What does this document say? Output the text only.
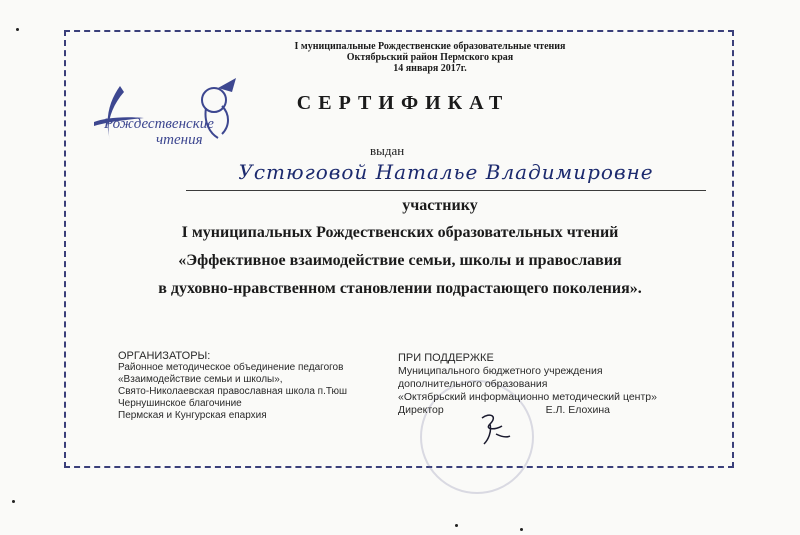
I муниципальные Рождественские образовательные чтения
Октябрьский район Пермского края
14 января 2017г.
Рождественские
чтения
СЕРТИФИКАТ
выдан
Устюговой Наталье Владимировне
участнику
I муниципальных Рождественских образовательных чтений
«Эффективное взаимодействие семьи, школы и православия
в духовно-нравственном становлении подрастающего поколения».
ОРГАНИЗАТОРЫ:
Районное методическое объединение педагогов
«Взаимодействие семьи и школы»,
Свято-Николаевская православная школа п.Тюш
Чернушинское благочиние
Пермская и Кунгурская епархия
ПРИ ПОДДЕРЖКЕ
Муниципального бюджетного учреждения
дополнительного образования
«Октябрьский информационно методический центр»
Директор	Е.Л. Елохина
